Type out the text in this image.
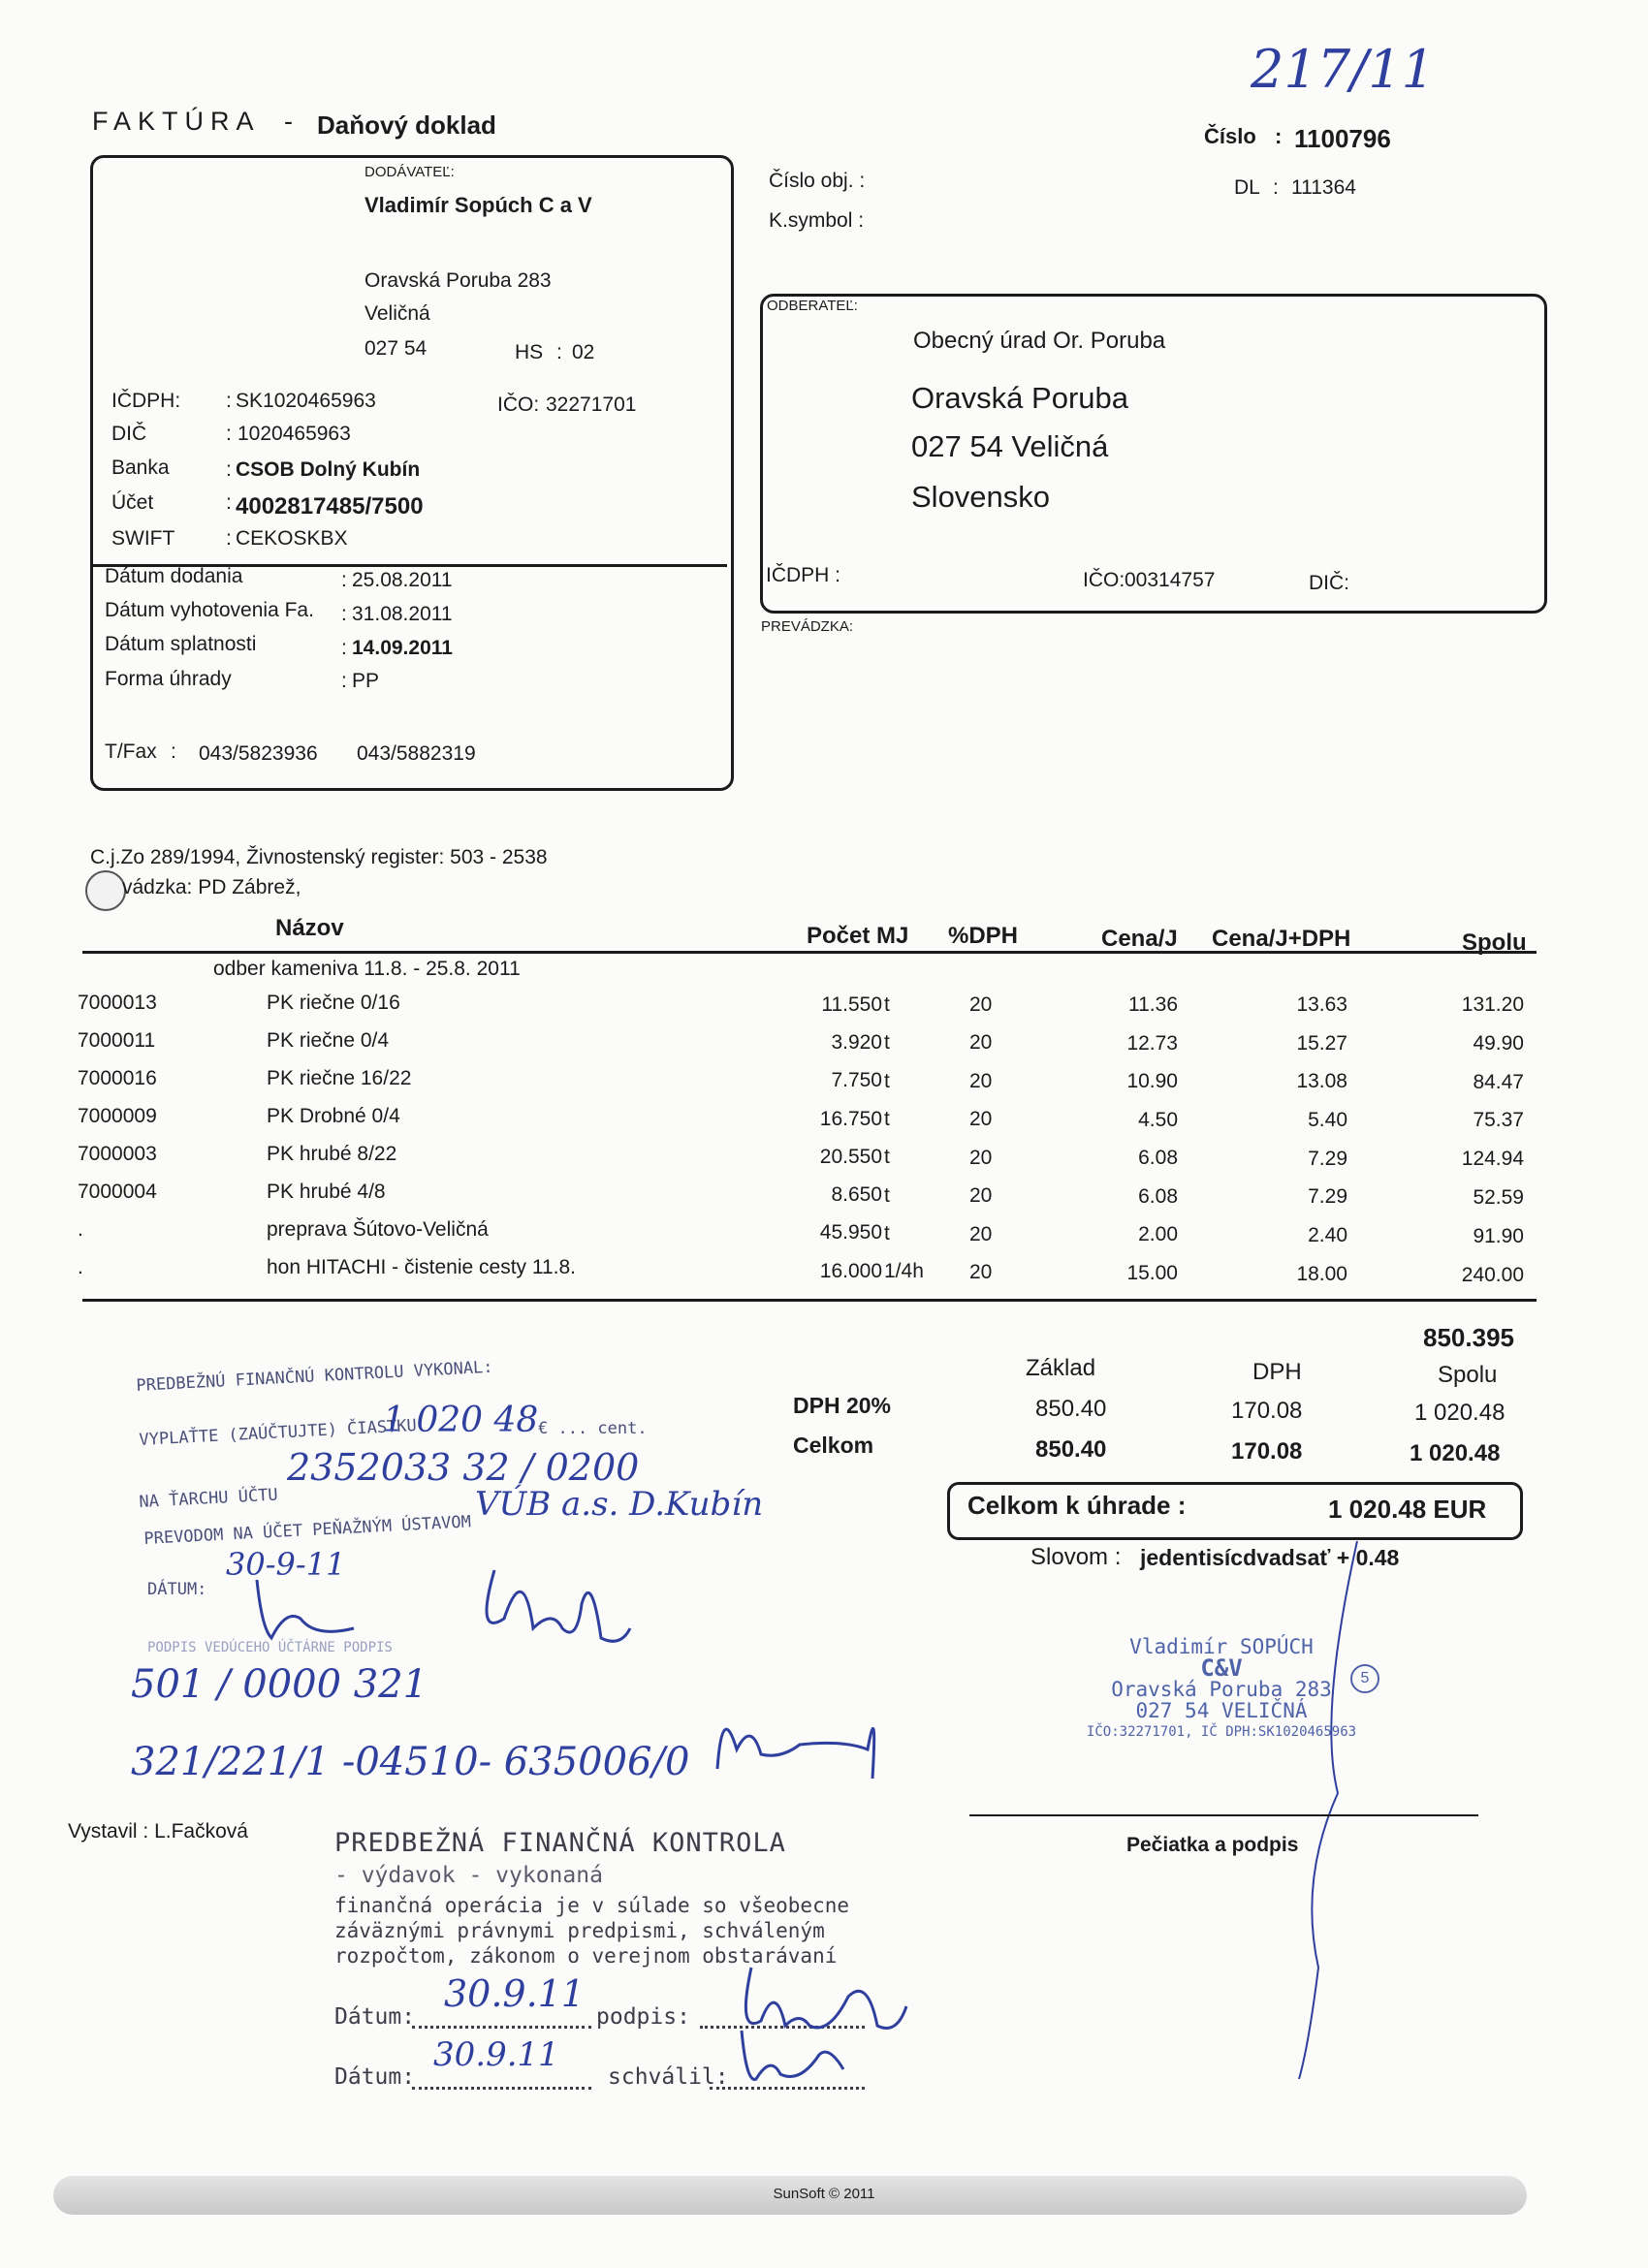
217/11
FAKTÚRA - Daňový doklad	Číslo : 1100796
DL : 111364
Číslo obj. :
K.symbol :
DODÁVATEĽ:
Vladimír Sopúch C a V
Oravská Poruba 283
Veličná
027 54	HS : 02
IČDPH: : SK1020465963	IČO: 32271701
DIČ	: 1020465963
Banka	: CSOB Dolný Kubín
Účet	: 4002817485/7500
SWIFT	: CEKOSKBX
Dátum dodania	: 25.08.2011
Dátum vyhotovenia Fa. : 31.08.2011
Dátum splatnosti	: 14.09.2011
Forma úhrady	: PP
T/Fax : 043/5823936 043/5882319
ODBERATEĽ:
Obecný úrad Or. Poruba
Oravská Poruba
027 54 Veličná
Slovensko
IČDPH :	IČO: 00314757	DIČ:
PREVÁDZKA:
C.j.Zo 289/1994, Živnostenský register: 503 - 2538
vádzka: PD Zábrež,
Názov	Počet MJ %DPH	Cena/J Cena/J+DPH	Spolu
odber kameniva 11.8. - 25.8. 2011
7000013	PK riečne 0/16	11.550 t	20	11.36	13.63	131.20
7000011	PK riečne 0/4	3.920 t	20	12.73	15.27	49.90
7000016	PK riečne 16/22	7.750 t	20	10.90	13.08	84.47
7000009	PK Drobné 0/4	16.750 t	20	4.50	5.40	75.37
7000003	PK hrubé 8/22	20.550 t	20	6.08	7.29	124.94
7000004	PK hrubé 4/8	8.650 t	20	6.08	7.29	52.59
.	preprava Šútovo-Veličná	45.950 t	20	2.00	2.40	91.90
.	hon HITACHI - čistenie cesty 11.8.	16.000 1/4h 20	15.00	18.00	240.00
850.395
Základ	DPH	Spolu
DPH 20%	850.40	170.08	1 020.48
Celkom	850.40	170.08	1 020.48
Celkom k úhrade :	1 020.48 EUR
Slovom : jedentisícdvadsať + 0.48
PREDBEŽNÚ FINANČNÚ KONTROLU VYKONAL:
VYPLAŤTE (ZAÚČTUJTE) ČIASTKU
1 020 48 € ... cent.
NA ŤARCHU ÚČTU
2352033 32 / 0200
VÚB a.s. D.Kubín
PREVODOM NA ÚČET PEŇAŽNÝM ÚSTAVOM
DÁTUM:
30-9-11
PODPIS VEDÚCEHO ÚČTÁRNE PODPIS
501 / 0000 321
321/221/1 -04510- 635006/0
Vladimír SOPÚCH
C&V
Oravská Poruba 283
027 54 VELIČNÁ
IČO:32271701, IČ DPH:SK1020465963
5
Vystavil : L.Fačková
Pečiatka a podpis
PREDBEŽNÁ FINANČNÁ KONTROLA
- výdavok - vykonaná
finančná operácia je v súlade so všeobecne
záväznými právnymi predpismi, schváleným
rozpočtom, zákonom o verejnom obstarávaní
Dátum:
30.9.11
podpis:
Dátum:
30.9.11
schválil:
SunSoft © 2011
